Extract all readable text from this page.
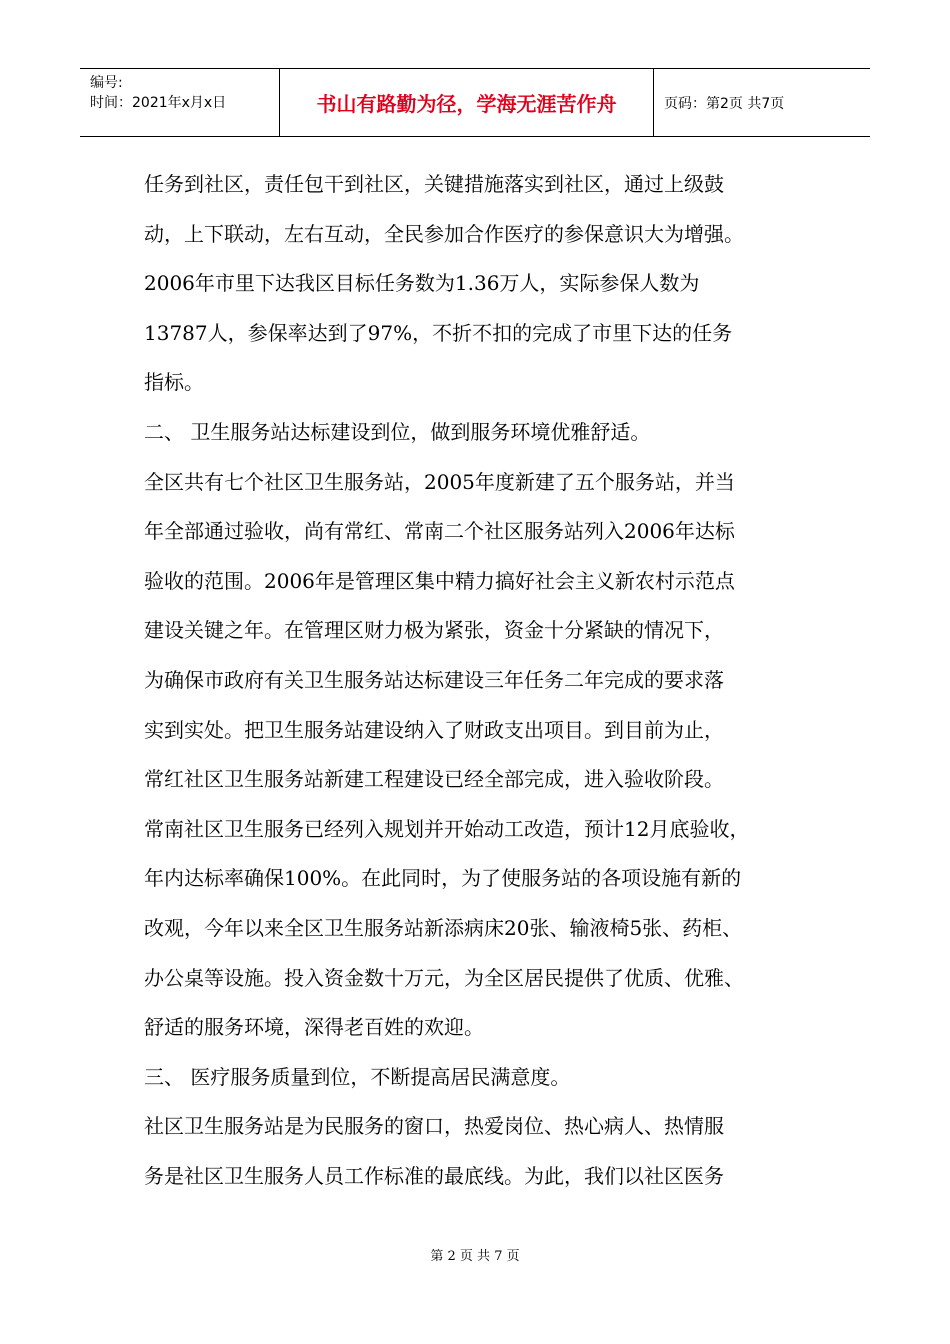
编号:
时间：2021年x月x日	书山有路勤为径，学海无涯苦作舟	页码：第2页 共7页
任务到社区，责任包干到社区，关键措施落实到社区，通过上级鼓
动，上下联动，左右互动，全民参加合作医疗的参保意识大为增强。
2006年市里下达我区目标任务数为1.36万人，实际参保人数为
13787人，参保率达到了97%，不折不扣的完成了市里下达的任务
指标。
二、 卫生服务站达标建设到位，做到服务环境优雅舒适。
全区共有七个社区卫生服务站，2005年度新建了五个服务站，并当
年全部通过验收，尚有常红、常南二个社区服务站列入2006年达标
验收的范围。2006年是管理区集中精力搞好社会主义新农村示范点
建设关键之年。在管理区财力极为紧张，资金十分紧缺的情况下，
为确保市政府有关卫生服务站达标建设三年任务二年完成的要求落
实到实处。把卫生服务站建设纳入了财政支出项目。到目前为止，
常红社区卫生服务站新建工程建设已经全部完成，进入验收阶段。
常南社区卫生服务已经列入规划并开始动工改造，预计12月底验收，
年内达标率确保100%。在此同时，为了使服务站的各项设施有新的
改观，今年以来全区卫生服务站新添病床20张、输液椅5张、药柜、
办公桌等设施。投入资金数十万元，为全区居民提供了优质、优雅、
舒适的服务环境，深得老百姓的欢迎。
三、 医疗服务质量到位，不断提高居民满意度。
社区卫生服务站是为民服务的窗口，热爱岗位、热心病人、热情服
务是社区卫生服务人员工作标准的最底线。为此，我们以社区医务
第 2 页 共 7 页
